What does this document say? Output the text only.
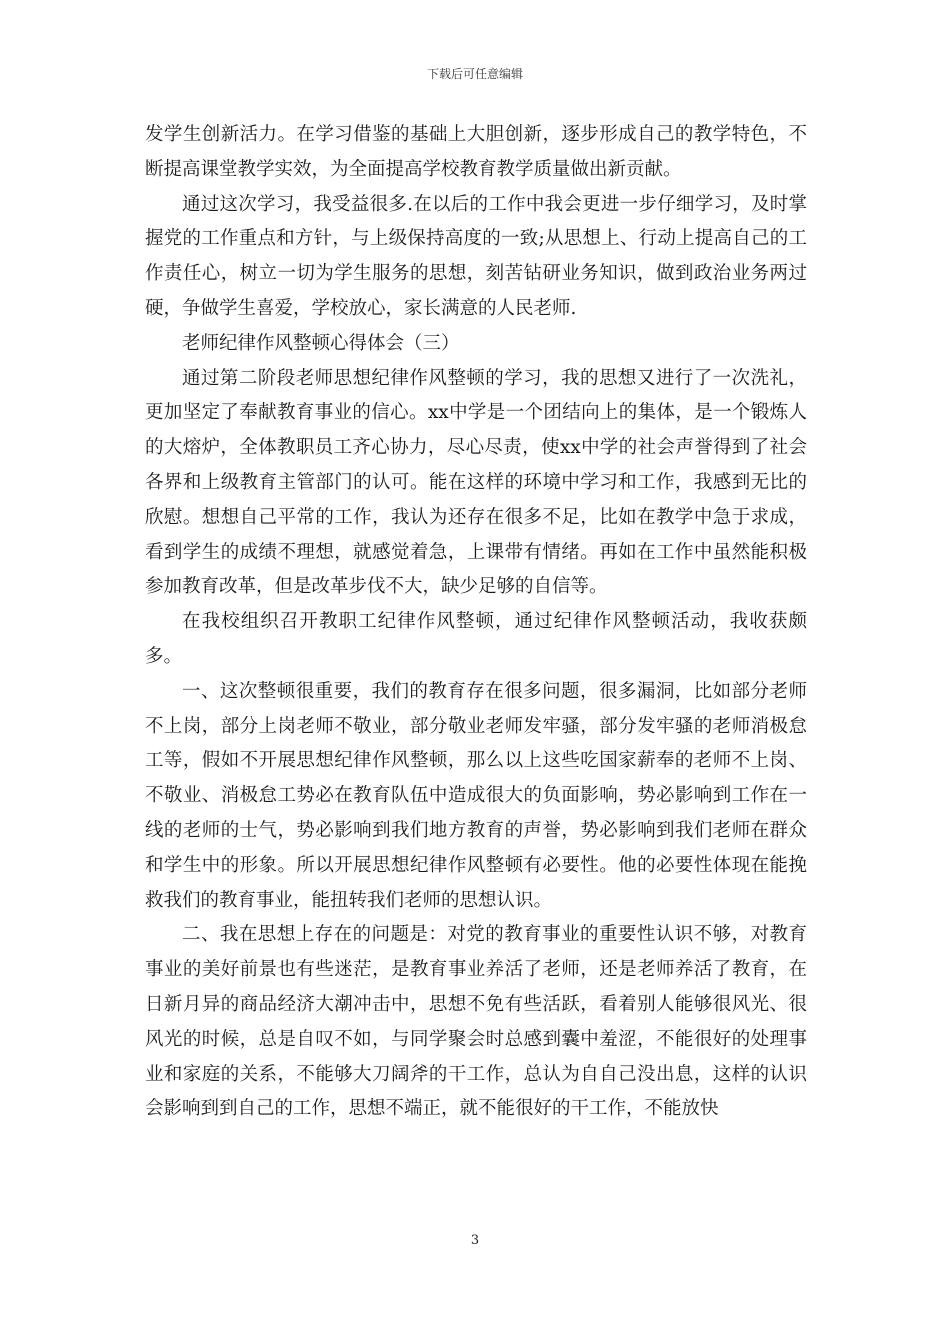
下载后可任意编辑

发学生创新活力。在学习借鉴的基础上大胆创新，逐步形成自己的教学特色，不断提高课堂教学实效，为全面提高学校教育教学质量做出新贡献。

通过这次学习，我受益很多.在以后的工作中我会更进一步仔细学习，及时掌握党的工作重点和方针，与上级保持高度的一致;从思想上、行动上提高自己的工作责任心，树立一切为学生服务的思想，刻苦钻研业务知识，做到政治业务两过硬，争做学生喜爱，学校放心，家长满意的人民老师.

老师纪律作风整顿心得体会（三）

通过第二阶段老师思想纪律作风整顿的学习，我的思想又进行了一次洗礼，更加坚定了奉献教育事业的信心。xx中学是一个团结向上的集体，是一个锻炼人的大熔炉，全体教职员工齐心协力，尽心尽责，使xx中学的社会声誉得到了社会各界和上级教育主管部门的认可。能在这样的环境中学习和工作，我感到无比的欣慰。想想自己平常的工作，我认为还存在很多不足，比如在教学中急于求成，看到学生的成绩不理想，就感觉着急，上课带有情绪。再如在工作中虽然能积极参加教育改革，但是改革步伐不大，缺少足够的自信等。

在我校组织召开教职工纪律作风整顿，通过纪律作风整顿活动，我收获颇多。

一、这次整顿很重要，我们的教育存在很多问题，很多漏洞，比如部分老师不上岗，部分上岗老师不敬业，部分敬业老师发牢骚，部分发牢骚的老师消极怠工等，假如不开展思想纪律作风整顿，那么以上这些吃国家薪奉的老师不上岗、不敬业、消极怠工势必在教育队伍中造成很大的负面影响，势必影响到工作在一线的老师的士气，势必影响到我们地方教育的声誉，势必影响到我们老师在群众和学生中的形象。所以开展思想纪律作风整顿有必要性。他的必要性体现在能挽救我们的教育事业，能扭转我们老师的思想认识。

二、我在思想上存在的问题是：对党的教育事业的重要性认识不够，对教育事业的美好前景也有些迷茫，是教育事业养活了老师，还是老师养活了教育，在日新月异的商品经济大潮冲击中，思想不免有些活跃，看着别人能够很风光、很风光的时候，总是自叹不如，与同学聚会时总感到囊中羞涩，不能很好的处理事业和家庭的关系，不能够大刀阔斧的干工作，总认为自自己没出息，这样的认识会影响到到自己的工作，思想不端正，就不能很好的干工作，不能放快

3
